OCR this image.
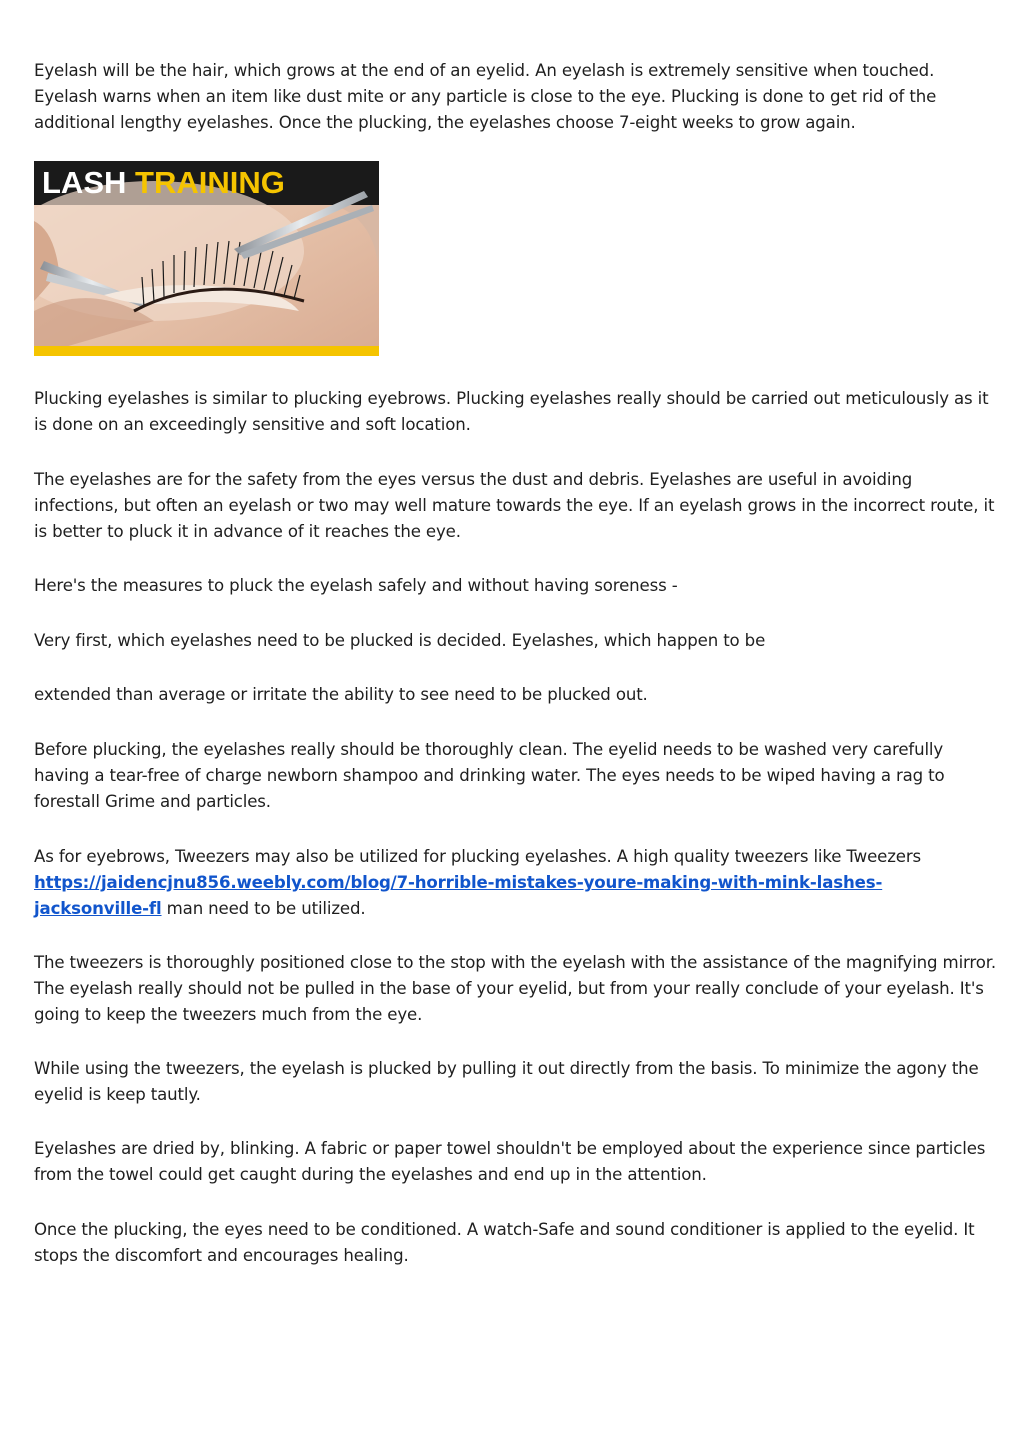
Eyelash will be the hair, which grows at the end of an eyelid. An eyelash is extremely sensitive when touched. Eyelash warns when an item like dust mite or any particle is close to the eye. Plucking is done to get rid of the additional lengthy eyelashes. Once the plucking, the eyelashes choose 7-eight weeks to grow again.

LASH TRAINING

Plucking eyelashes is similar to plucking eyebrows. Plucking eyelashes really should be carried out meticulously as it is done on an exceedingly sensitive and soft location.

The eyelashes are for the safety from the eyes versus the dust and debris. Eyelashes are useful in avoiding infections, but often an eyelash or two may well mature towards the eye. If an eyelash grows in the incorrect route, it is better to pluck it in advance of it reaches the eye.

Here's the measures to pluck the eyelash safely and without having soreness -

Very first, which eyelashes need to be plucked is decided. Eyelashes, which happen to be

extended than average or irritate the ability to see need to be plucked out.

Before plucking, the eyelashes really should be thoroughly clean. The eyelid needs to be washed very carefully having a tear-free of charge newborn shampoo and drinking water. The eyes needs to be wiped having a rag to forestall Grime and particles.

As for eyebrows, Tweezers may also be utilized for plucking eyelashes. A high quality tweezers like Tweezers https://jaidencjnu856.weebly.com/blog/7-horrible-mistakes-youre-making-with-mink-lashes-jacksonville-fl man need to be utilized.

The tweezers is thoroughly positioned close to the stop with the eyelash with the assistance of the magnifying mirror. The eyelash really should not be pulled in the base of your eyelid, but from your really conclude of your eyelash. It's going to keep the tweezers much from the eye.

While using the tweezers, the eyelash is plucked by pulling it out directly from the basis. To minimize the agony the eyelid is keep tautly.

Eyelashes are dried by, blinking. A fabric or paper towel shouldn't be employed about the experience since particles from the towel could get caught during the eyelashes and end up in the attention.

Once the plucking, the eyes need to be conditioned. A watch-Safe and sound conditioner is applied to the eyelid. It stops the discomfort and encourages healing.
